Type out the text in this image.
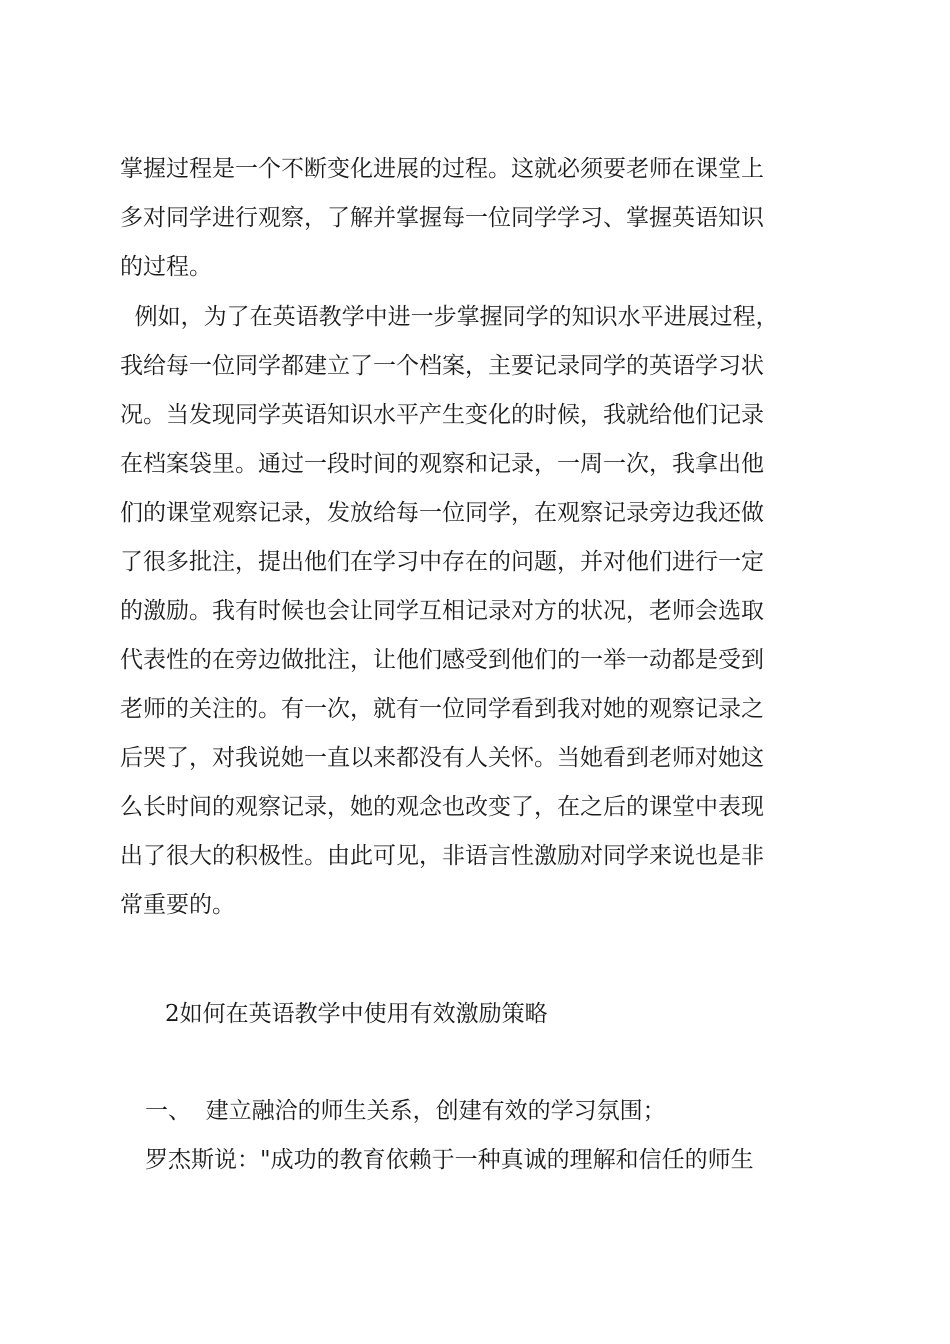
掌握过程是一个不断变化进展的过程。这就必须要老师在课堂上
多对同学进行观察，了解并掌握每一位同学学习、掌握英语知识
的过程。
例如，为了在英语教学中进一步掌握同学的知识水平进展过程，
我给每一位同学都建立了一个档案，主要记录同学的英语学习状
况。当发现同学英语知识水平产生变化的时候，我就给他们记录
在档案袋里。通过一段时间的观察和记录，一周一次，我拿出他
们的课堂观察记录，发放给每一位同学，在观察记录旁边我还做
了很多批注，提出他们在学习中存在的问题，并对他们进行一定
的激励。我有时候也会让同学互相记录对方的状况，老师会选取
代表性的在旁边做批注，让他们感受到他们的一举一动都是受到
老师的关注的。有一次，就有一位同学看到我对她的观察记录之
后哭了，对我说她一直以来都没有人关怀。当她看到老师对她这
么长时间的观察记录，她的观念也改变了，在之后的课堂中表现
出了很大的积极性。由此可见，非语言性激励对同学来说也是非
常重要的。
2如何在英语教学中使用有效激励策略
一、  建立融洽的师生关系，创建有效的学习氛围；
罗杰斯说："成功的教育依赖于一种真诚的理解和信任的师生
